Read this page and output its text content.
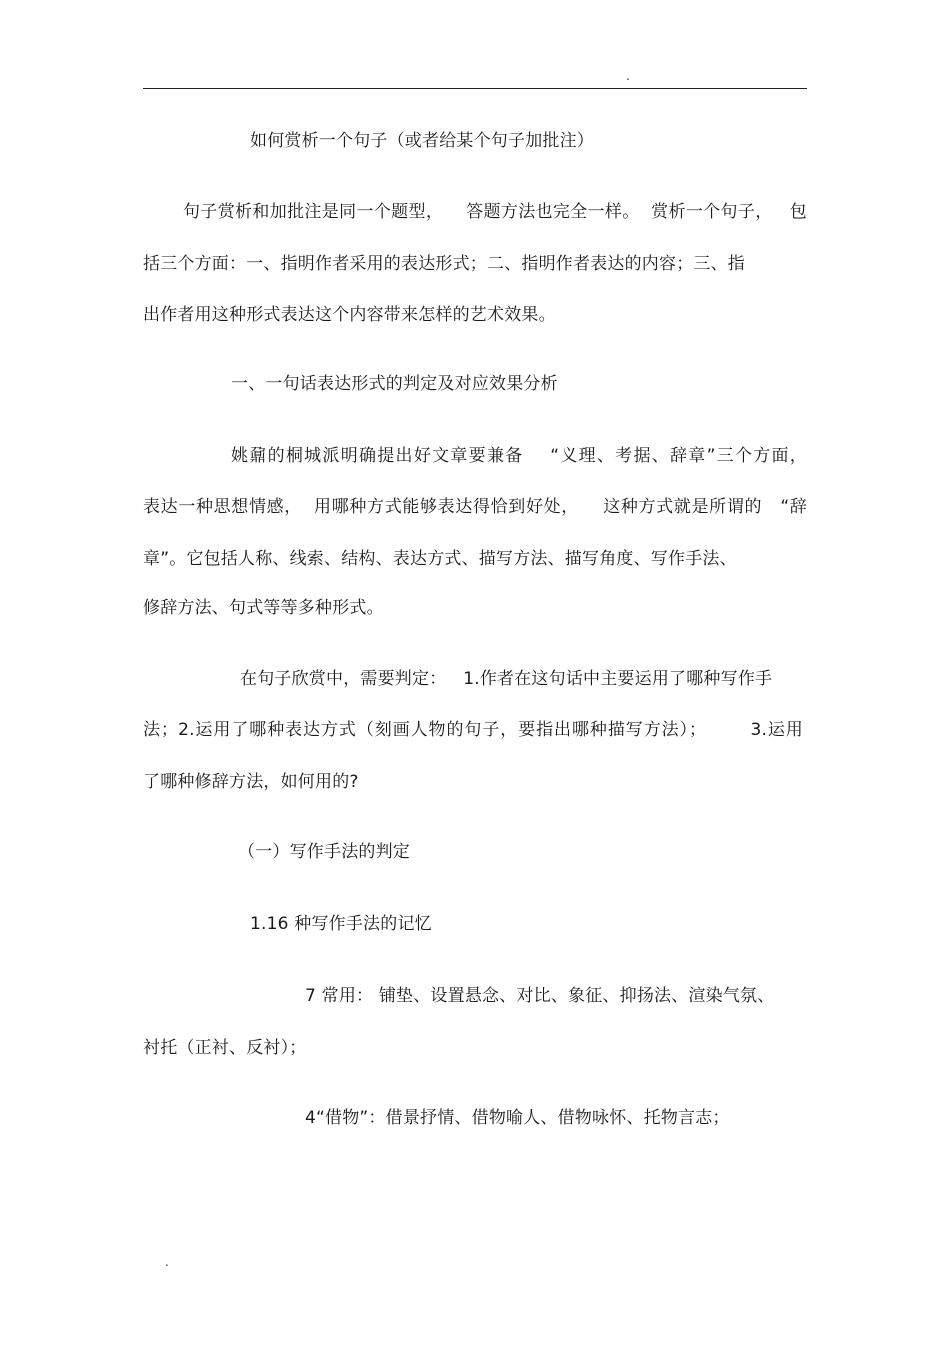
.
如何赏析一个句子（或者给某个句子加批注）
句子赏析和加批注是同一个题型，    答题方法也完全一样。  赏析一个句子，   包
括三个方面：一、指明作者采用的表达形式；二、指明作者表达的内容；三、指
出作者用这种形式表达这个内容带来怎样的艺术效果。
一、一句话表达形式的判定及对应效果分析
姚鼐的桐城派明确提出好文章要兼备    “义理、考据、辞章”三个方面，
表达一种思想情感，  用哪种方式能够表达得恰到好处，    这种方式就是所谓的   “辞
章”。它包括人称、线索、结构、表达方式、描写方法、描写角度、写作手法、
修辞方法、句式等等多种形式。
在句子欣赏中，需要判定：   1.作者在这句话中主要运用了哪种写作手
法；2.运用了哪种表达方式（刻画人物的句子，要指出哪种描写方法）；       3.运用
了哪种修辞方法，如何用的?
（一）写作手法的判定
1.16 种写作手法的记忆
7 常用： 铺垫、设置悬念、对比、象征、抑扬法、渲染气氛、
衬托（正衬、反衬）；
4“借物”：借景抒情、借物喻人、借物咏怀、托物言志；
.
